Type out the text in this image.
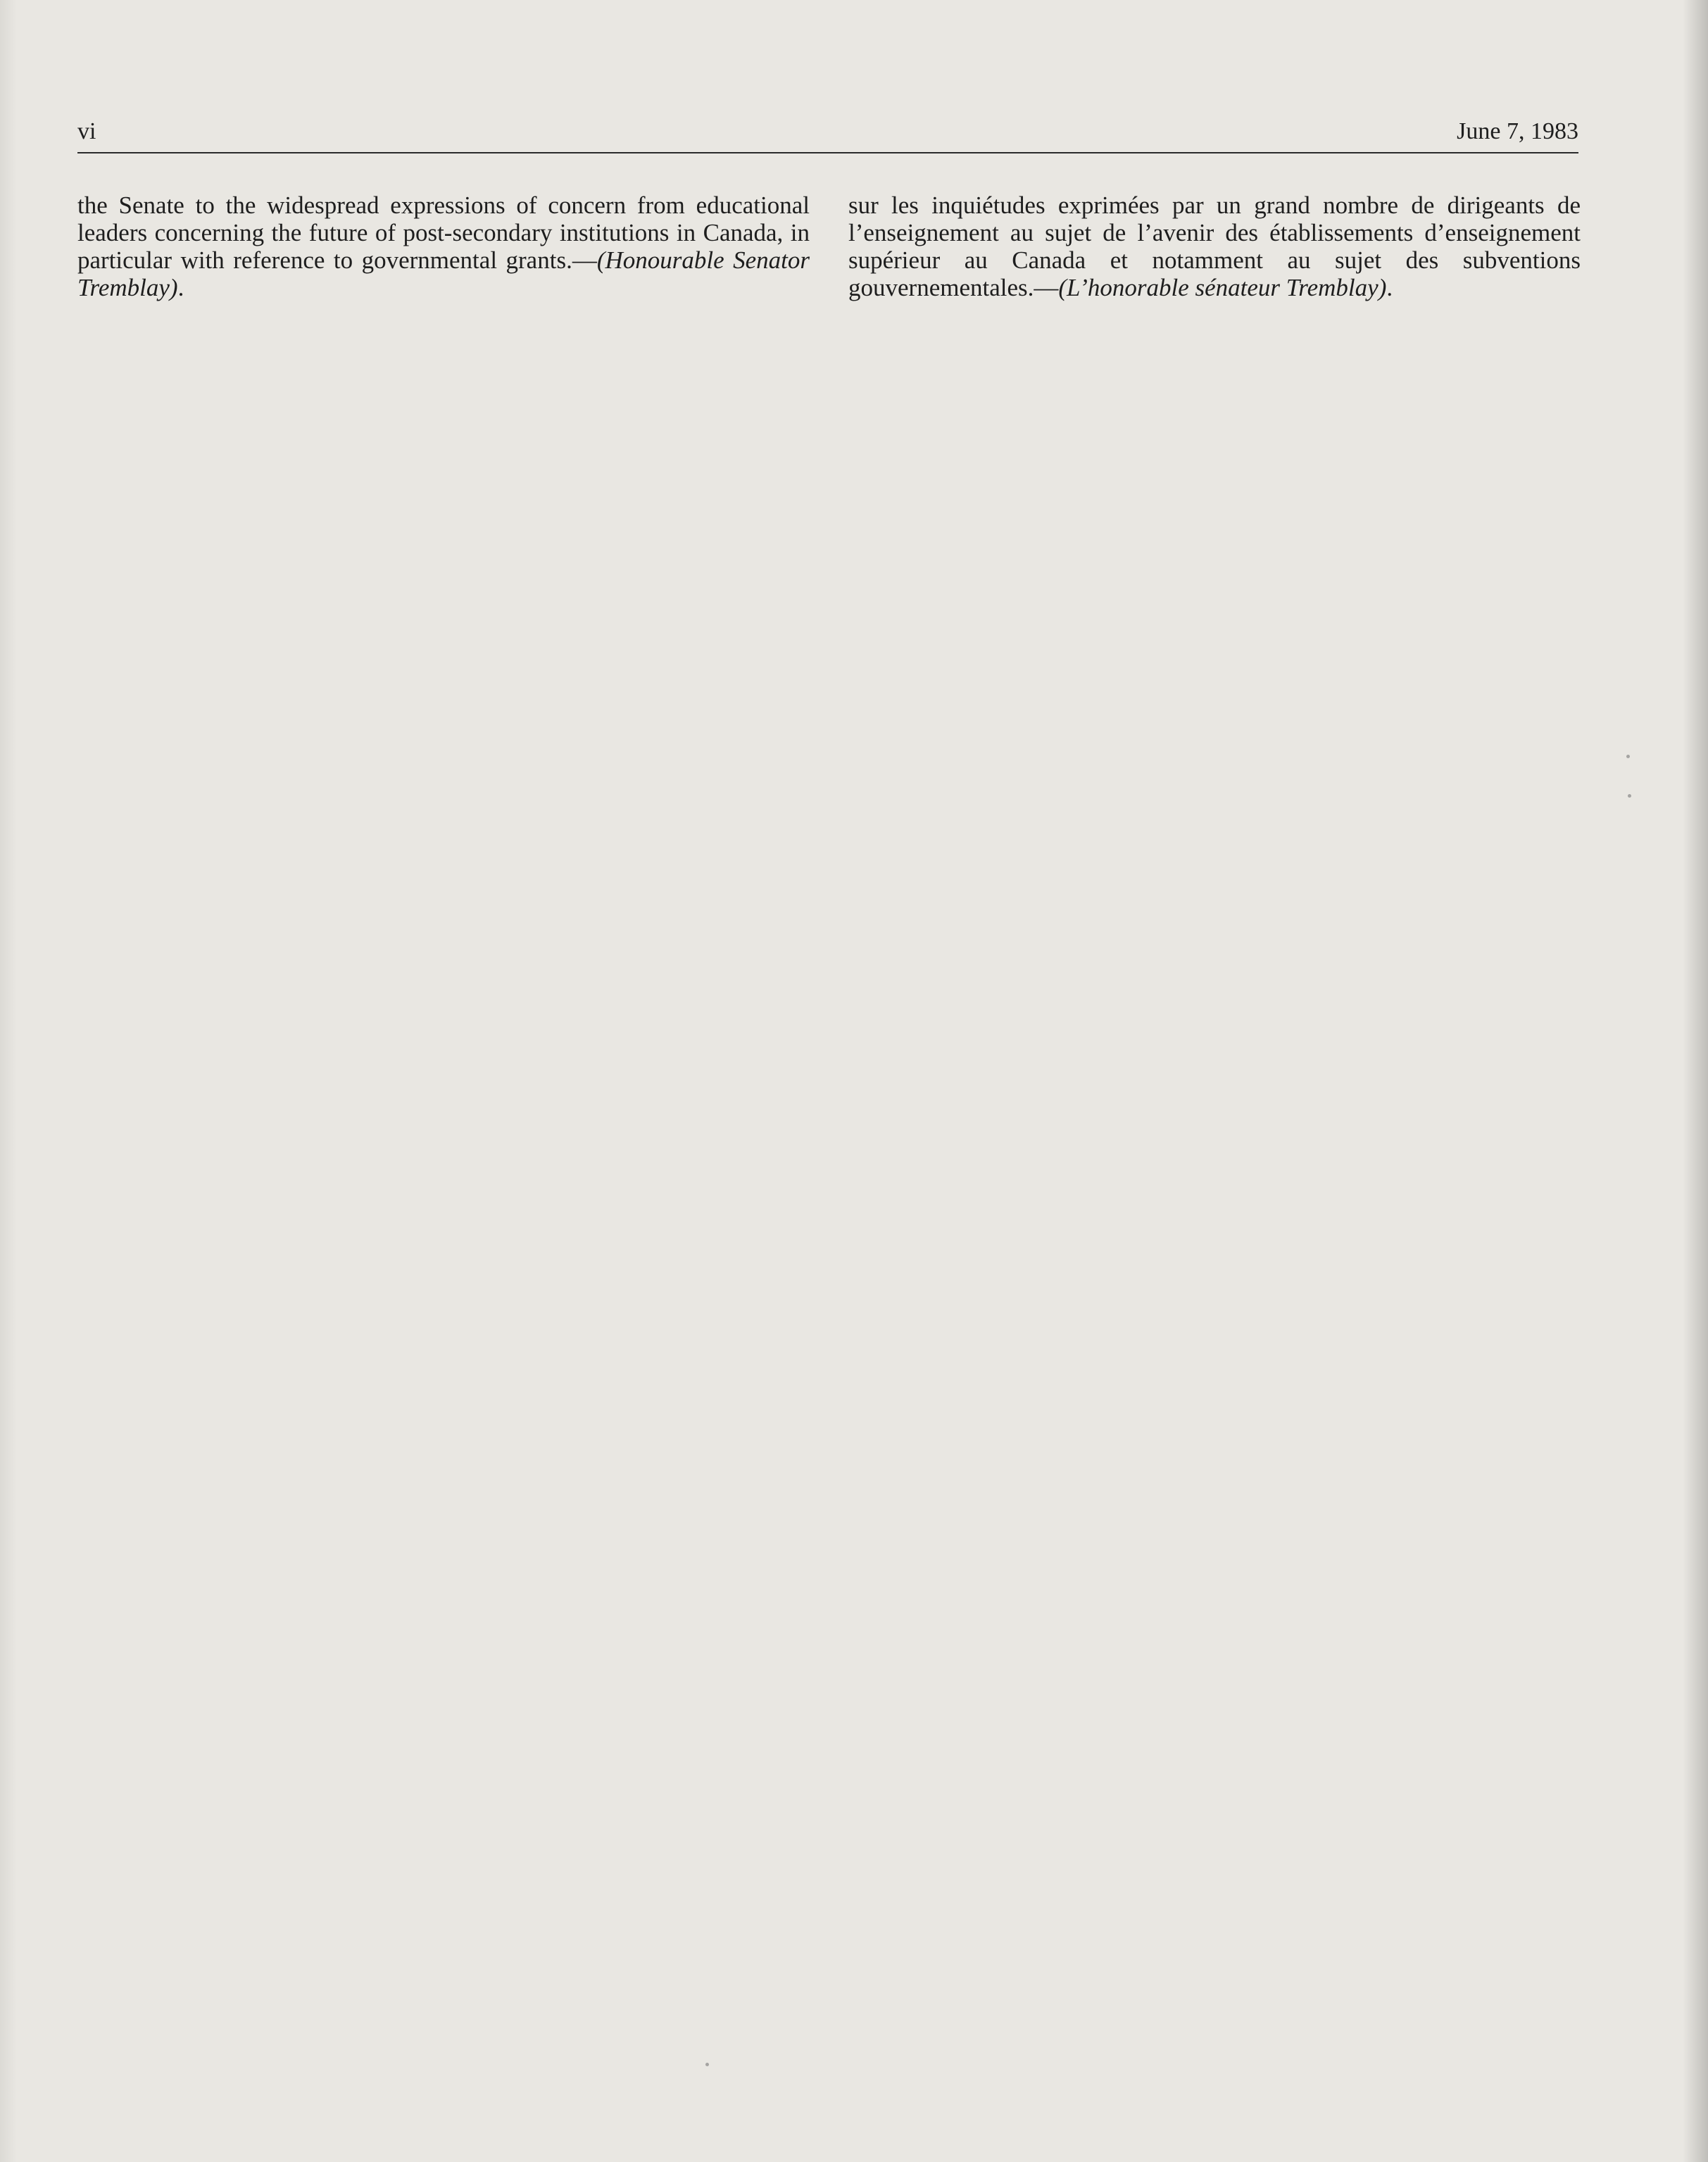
vi	June 7, 1983

the Senate to the widespread expressions of concern from educational leaders concerning the future of post-secondary institutions in Canada, in particular with reference to governmental grants.—(Honourable Senator Tremblay).

sur les inquiétudes exprimées par un grand nombre de dirigeants de l’enseignement au sujet de l’avenir des établissements d’enseignement supérieur au Canada et notamment au sujet des subventions gouvernementales.—(L’honorable sénateur Tremblay).
